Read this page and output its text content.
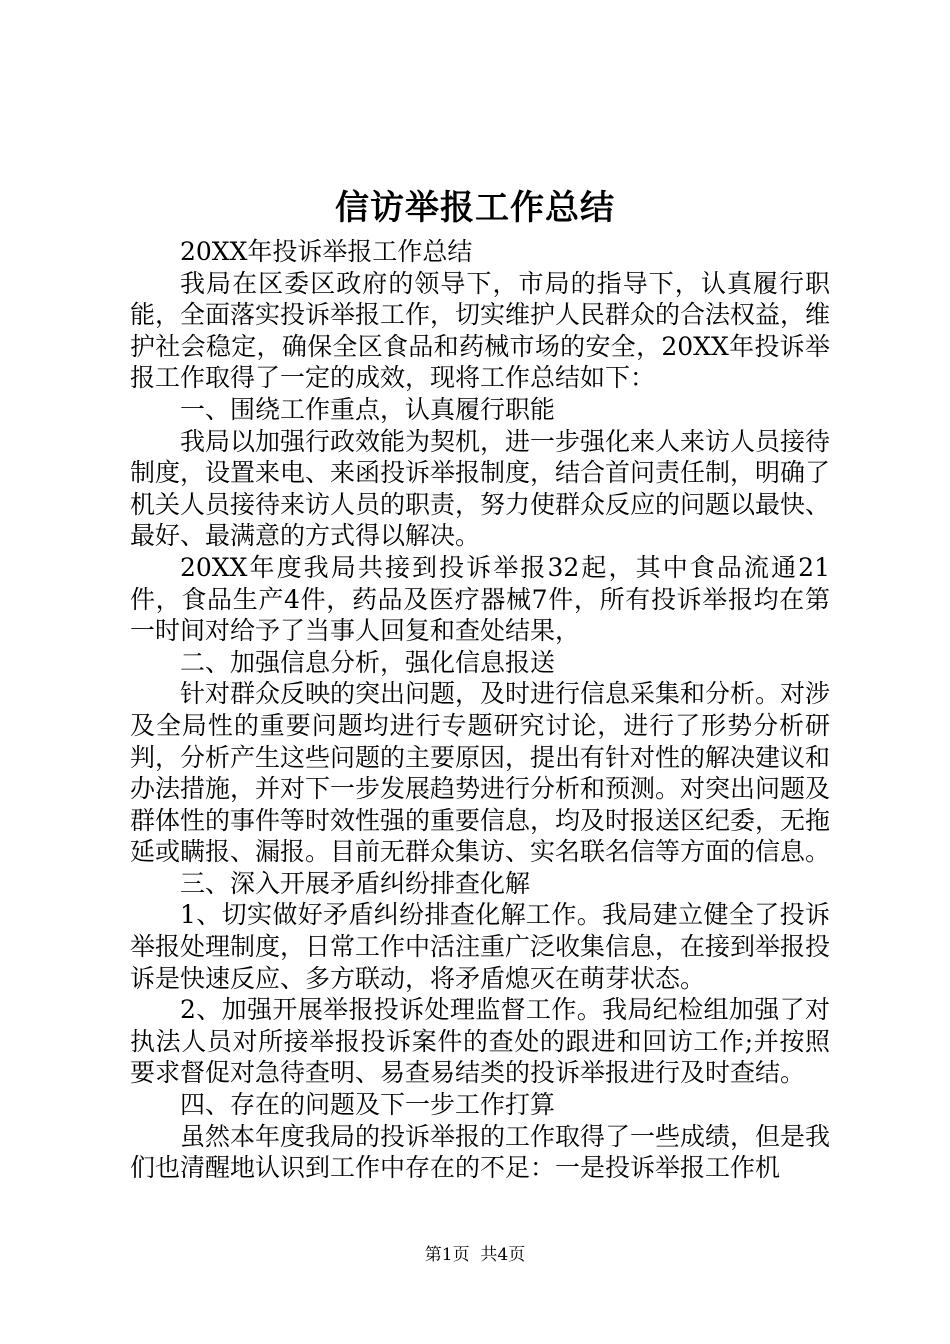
信访举报工作总结

20XX年投诉举报工作总结

我局在区委区政府的领导下，市局的指导下，认真履行职能，全面落实投诉举报工作，切实维护人民群众的合法权益，维护社会稳定，确保全区食品和药械市场的安全，20XX年投诉举报工作取得了一定的成效，现将工作总结如下：

一、围绕工作重点，认真履行职能

我局以加强行政效能为契机，进一步强化来人来访人员接待制度，设置来电、来函投诉举报制度，结合首问责任制，明确了机关人员接待来访人员的职责，努力使群众反应的问题以最快、最好、最满意的方式得以解决。

20XX年度我局共接到投诉举报32起，其中食品流通21件，食品生产4件，药品及医疗器械7件，所有投诉举报均在第一时间对给予了当事人回复和查处结果，

二、加强信息分析，强化信息报送

针对群众反映的突出问题，及时进行信息采集和分析。对涉及全局性的重要问题均进行专题研究讨论，进行了形势分析研判，分析产生这些问题的主要原因，提出有针对性的解决建议和办法措施，并对下一步发展趋势进行分析和预测。对突出问题及群体性的事件等时效性强的重要信息，均及时报送区纪委，无拖延或瞒报、漏报。目前无群众集访、实名联名信等方面的信息。

三、深入开展矛盾纠纷排查化解

1、切实做好矛盾纠纷排查化解工作。我局建立健全了投诉举报处理制度，日常工作中活注重广泛收集信息，在接到举报投诉是快速反应、多方联动，将矛盾熄灭在萌芽状态。

2、加强开展举报投诉处理监督工作。我局纪检组加强了对执法人员对所接举报投诉案件的查处的跟进和回访工作;并按照要求督促对急待查明、易查易结类的投诉举报进行及时查结。

四、存在的问题及下一步工作打算

虽然本年度我局的投诉举报的工作取得了一些成绩，但是我们也清醒地认识到工作中存在的不足：一是投诉举报工作机

第1页 共4页
